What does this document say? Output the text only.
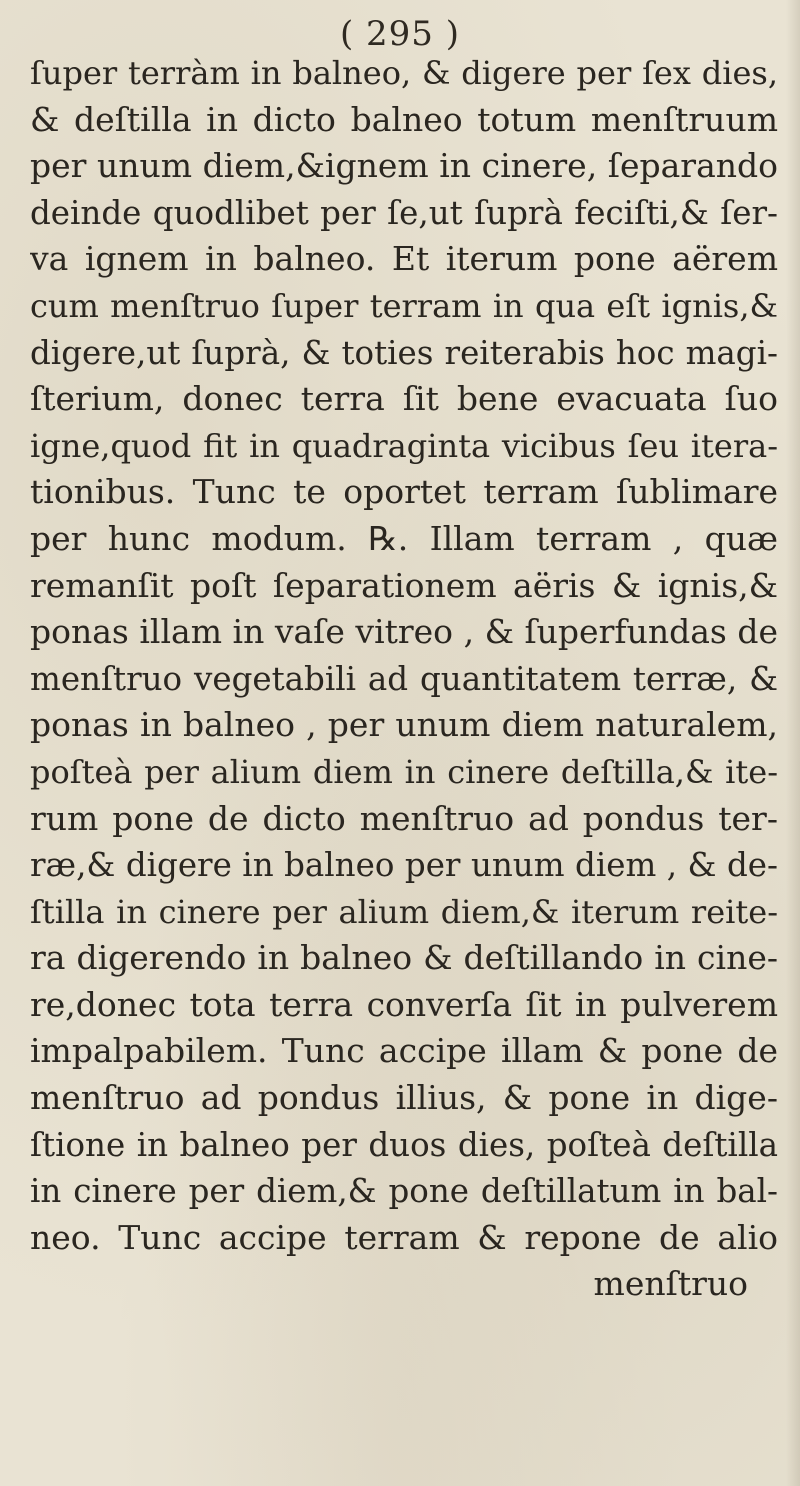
( 295 )
ſuper terràm in balneo, & digere per ſex dies,
& deſtilla in dicto balneo totum menſtruum
per unum diem,&ignem in cinere, ſeparando
deinde quodlibet per ſe,ut ſuprà feciſti,& ſer-
va ignem in balneo. Et iterum pone aërem
cum menſtruo ſuper terram in qua eſt ignis,&
digere,ut ſuprà, & toties reiterabis hoc magi-
ſterium, donec terra ſit bene evacuata ſuo
igne,quod fit in quadraginta vicibus ſeu itera-
tionibus. Tunc te oportet terram ſublimare
per hunc modum. ℞. Illam terram , quæ
remanſit poſt ſeparationem aëris & ignis,&
ponas illam in vaſe vitreo , & ſuperfundas de
menſtruo vegetabili ad quantitatem terræ, &
ponas in balneo , per unum diem naturalem,
poſteà per alium diem in cinere deſtilla,& ite-
rum pone de dicto menſtruo ad pondus ter-
ræ,& digere in balneo per unum diem , & de-
ſtilla in cinere per alium diem,& iterum reite-
ra digerendo in balneo & deſtillando in cine-
re,donec tota terra converſa ſit in pulverem
impalpabilem. Tunc accipe illam & pone de
menſtruo ad pondus illius, & pone in dige-
ſtione in balneo per duos dies, poſteà deſtilla
in cinere per diem,& pone deſtillatum in bal-
neo. Tunc accipe terram & repone de alio
menſtruo
